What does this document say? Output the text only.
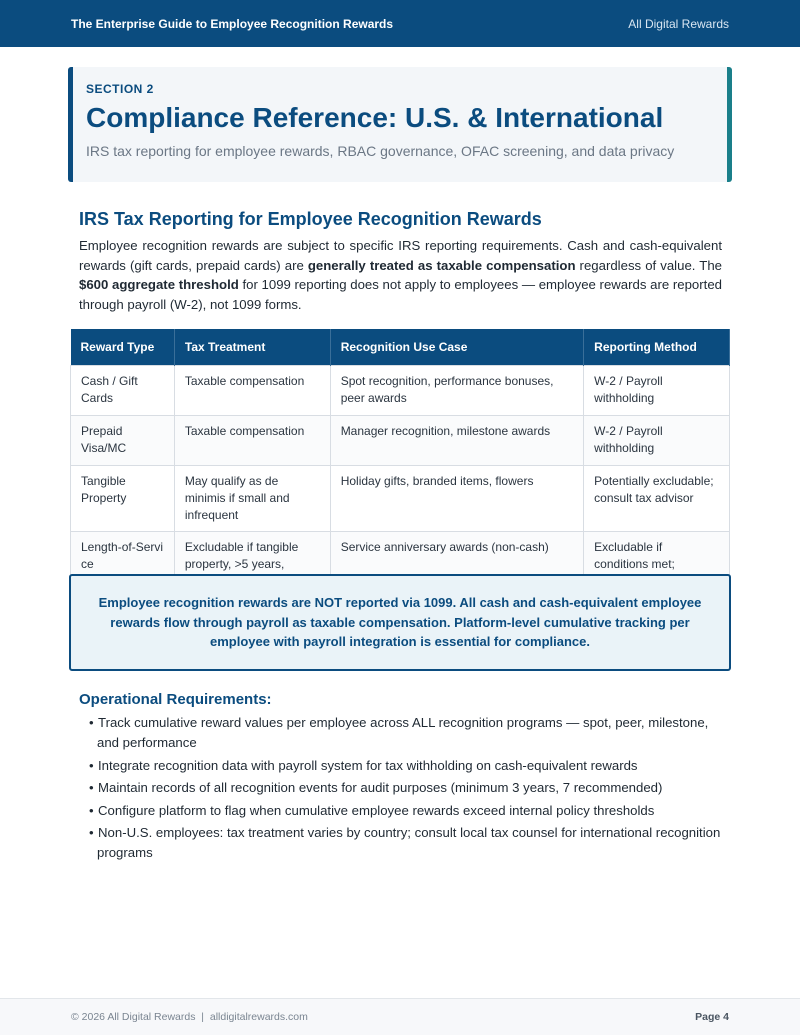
The Enterprise Guide to Employee Recognition Rewards	All Digital Rewards
SECTION 2
Compliance Reference: U.S. & International
IRS tax reporting for employee rewards, RBAC governance, OFAC screening, and data privacy
IRS Tax Reporting for Employee Recognition Rewards

Employee recognition rewards are subject to specific IRS reporting requirements. Cash and cash-equivalent rewards (gift cards, prepaid cards) are generally treated as taxable compensation regardless of value. The $600 aggregate threshold for 1099 reporting does not apply to employees — employee rewards are reported through payroll (W-2), not 1099 forms.

Reward Type	Tax Treatment	Recognition Use Case	Reporting Method
Cash / Gift Cards	Taxable compensation	Spot recognition, performance bonuses, peer awards	W-2 / Payroll withholding
Prepaid Visa/MC	Taxable compensation	Manager recognition, milestone awards	W-2 / Payroll withholding
Tangible Property	May qualify as de minimis if small and infrequent	Holiday gifts, branded items, flowers	Potentially excludable; consult tax advisor
Length-of-Servi ce	Excludable if tangible property, >5 years,	Service anniversary awards (non-cash)	Excludable if conditions met;
Employee recognition rewards are NOT reported via 1099. All cash and cash-equivalent employee rewards flow through payroll as taxable compensation. Platform-level cumulative tracking per employee with payroll integration is essential for compliance.
Operational Requirements:
• Track cumulative reward values per employee across ALL recognition programs — spot, peer, milestone, and performance
• Integrate recognition data with payroll system for tax withholding on cash-equivalent rewards
• Maintain records of all recognition events for audit purposes (minimum 3 years, 7 recommended)
• Configure platform to flag when cumulative employee rewards exceed internal policy thresholds
• Non-U.S. employees: tax treatment varies by country; consult local tax counsel for international recognition programs
© 2026 All Digital Rewards  |  alldigitalrewards.com	Page 4
